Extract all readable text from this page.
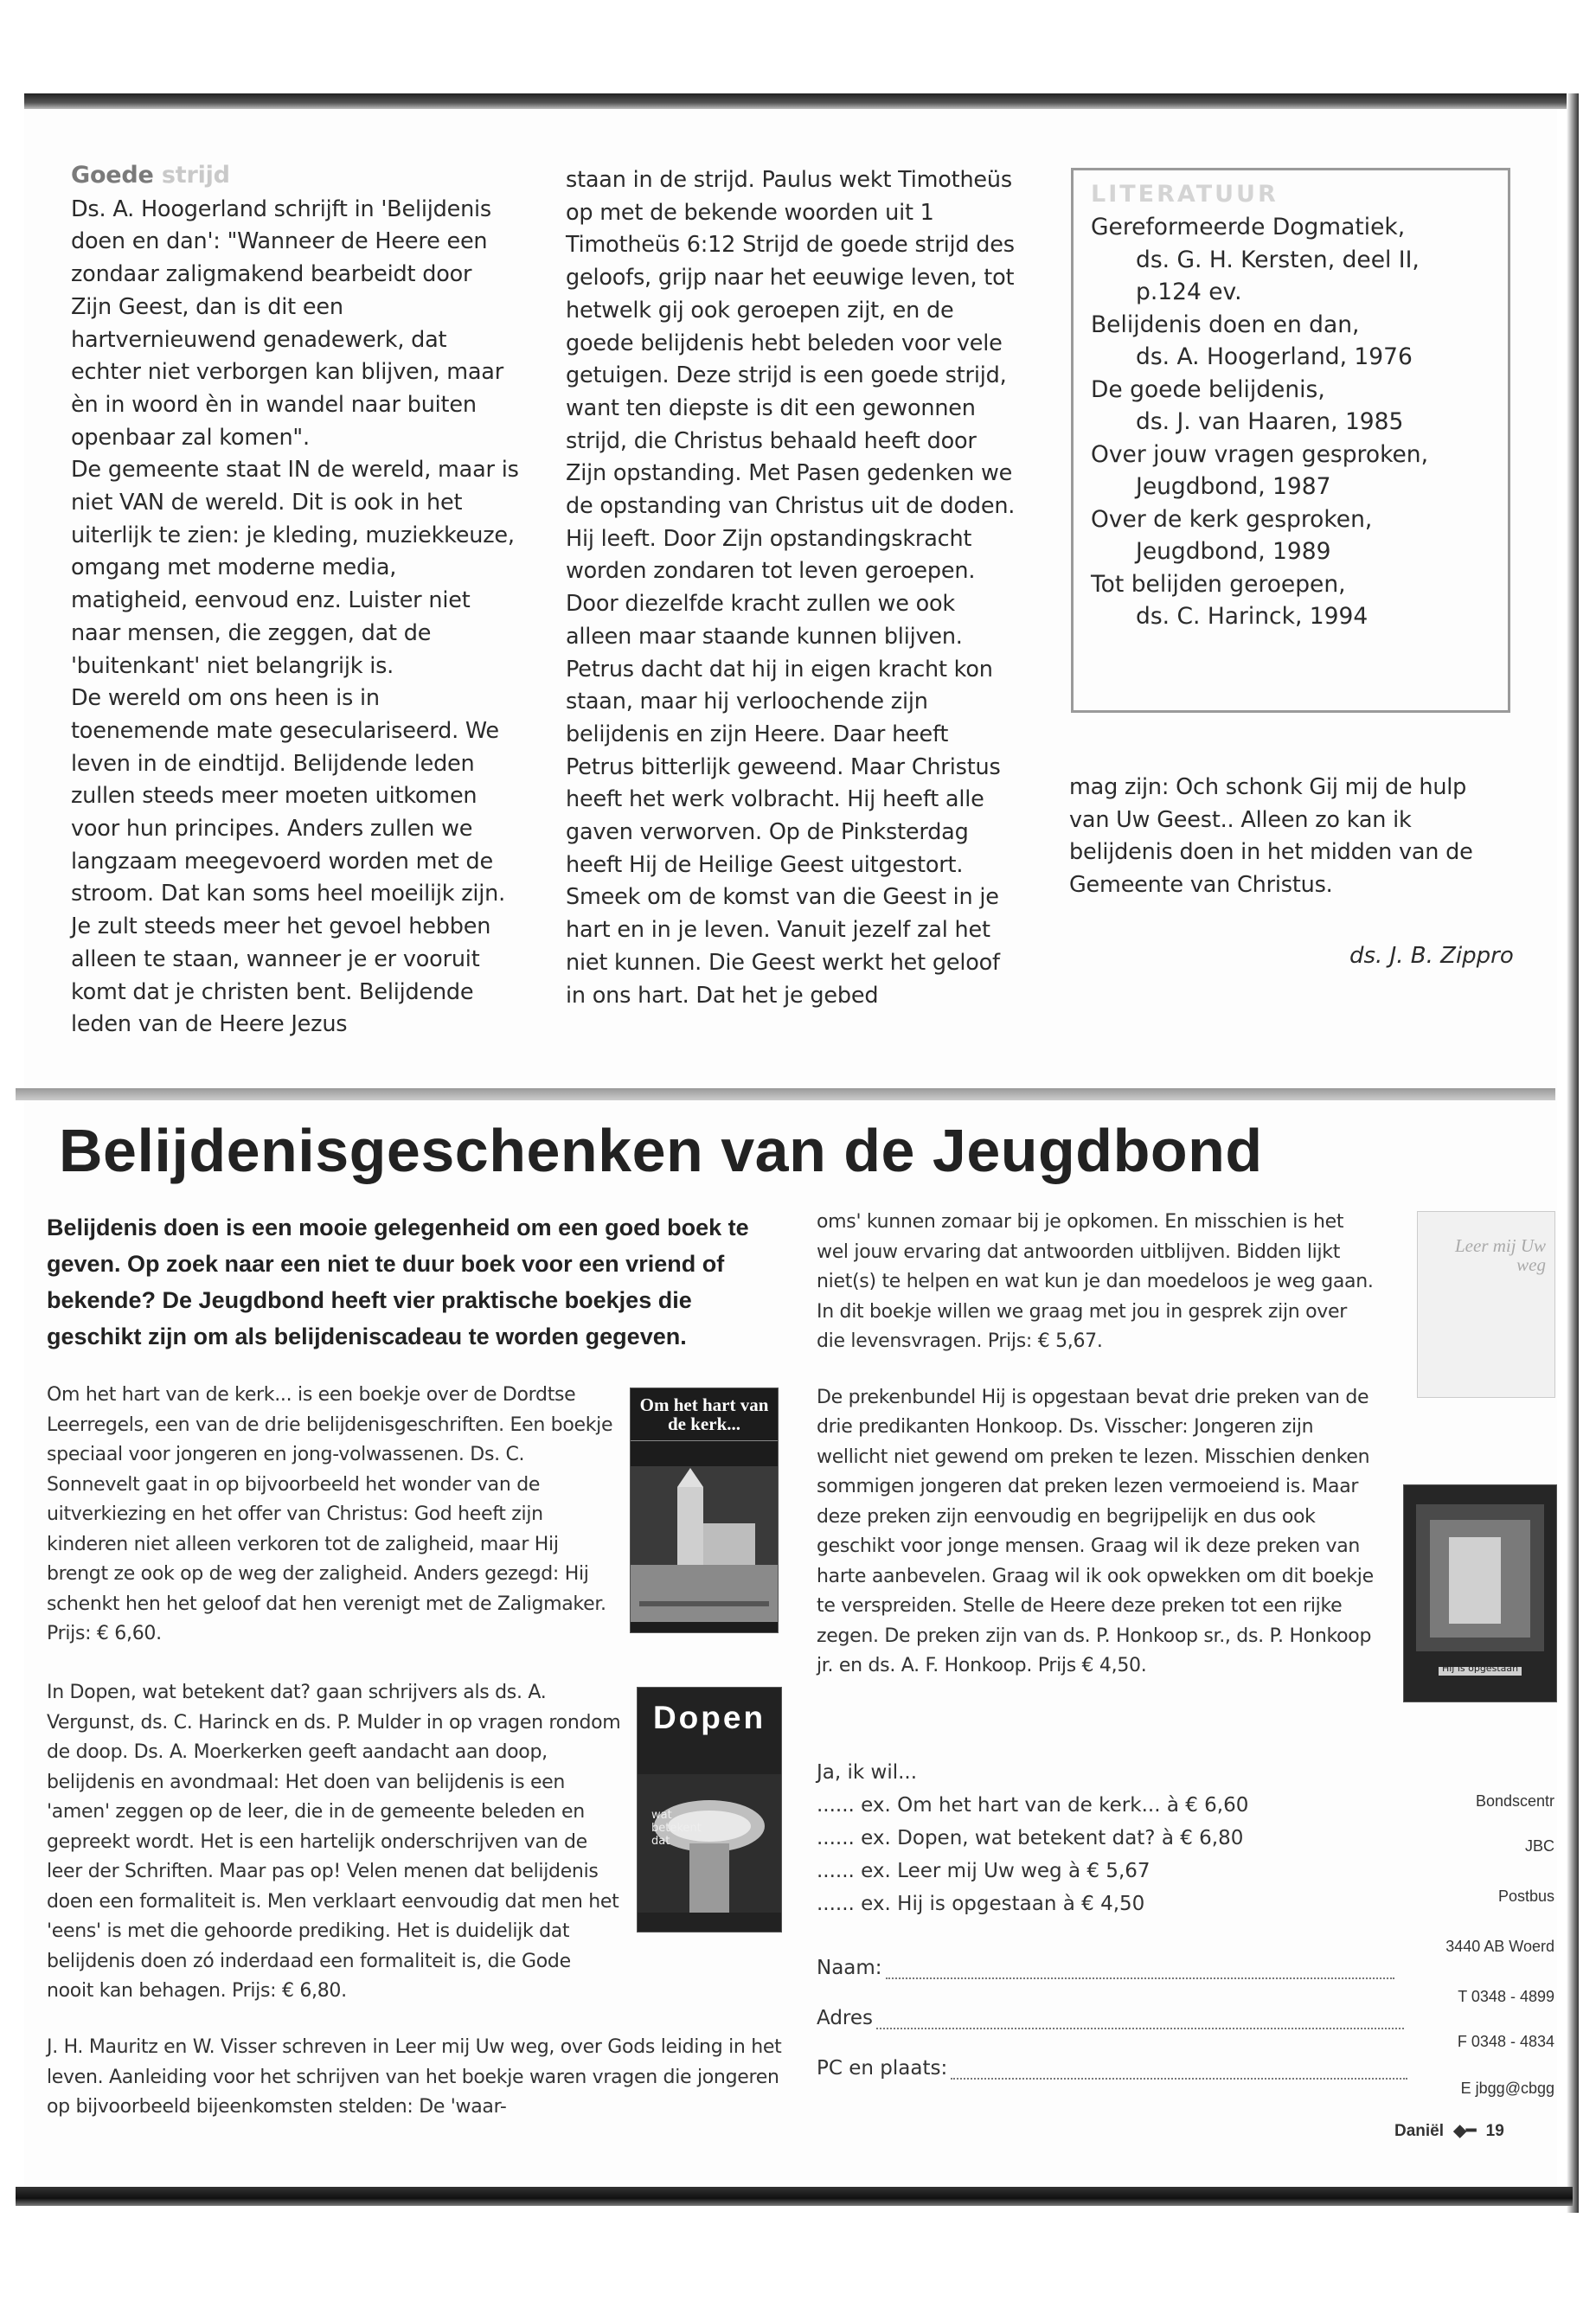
Goede strijd

Ds. A. Hoogerland schrijft in 'Belijdenis doen en dan': "Wanneer de Heere een zondaar zaligmakend bearbeidt door Zijn Geest, dan is dit een hartvernieuwend genadewerk, dat echter niet verborgen kan blijven, maar èn in woord èn in wandel naar buiten openbaar zal komen".

De gemeente staat IN de wereld, maar is niet VAN de wereld. Dit is ook in het uiterlijk te zien: je kleding, muziekkeuze, omgang met moderne media, matigheid, eenvoud enz. Luister niet naar mensen, die zeggen, dat de 'buitenkant' niet belangrijk is.

De wereld om ons heen is in toenemende mate geseculariseerd. We leven in de eindtijd. Belijdende leden zullen steeds meer moeten uitkomen voor hun principes. Anders zullen we langzaam meegevoerd worden met de stroom. Dat kan soms heel moeilijk zijn. Je zult steeds meer het gevoel hebben alleen te staan, wanneer je er vooruit komt dat je christen bent. Belijdende leden van de Heere Jezus

staan in de strijd. Paulus wekt Timotheüs op met de bekende woorden uit 1 Timotheüs 6:12 Strijd de goede strijd des geloofs, grijp naar het eeuwige leven, tot hetwelk gij ook geroepen zijt, en de goede belijdenis hebt beleden voor vele getuigen. Deze strijd is een goede strijd, want ten diepste is dit een gewonnen strijd, die Christus behaald heeft door Zijn opstanding. Met Pasen gedenken we de opstanding van Christus uit de doden. Hij leeft. Door Zijn opstandingskracht worden zondaren tot leven geroepen. Door diezelfde kracht zullen we ook alleen maar staande kunnen blijven. Petrus dacht dat hij in eigen kracht kon staan, maar hij verloochende zijn belijdenis en zijn Heere. Daar heeft Petrus bitterlijk geweend. Maar Christus heeft het werk volbracht. Hij heeft alle gaven verworven. Op de Pinksterdag heeft Hij de Heilige Geest uitgestort. Smeek om de komst van die Geest in je hart en in je leven. Vanuit jezelf zal het niet kunnen. Die Geest werkt het geloof in ons hart. Dat het je gebed

LITERATUUR
Gereformeerde Dogmatiek,
ds. G. H. Kersten, deel II,
p.124 ev.
Belijdenis doen en dan,
ds. A. Hoogerland, 1976
De goede belijdenis,
ds. J. van Haaren, 1985
Over jouw vragen gesproken,
Jeugdbond, 1987
Over de kerk gesproken,
Jeugdbond, 1989
Tot belijden geroepen,
ds. C. Harinck, 1994

mag zijn: Och schonk Gij mij de hulp van Uw Geest.. Alleen zo kan ik belijdenis doen in het midden van de Gemeente van Christus.

ds. J. B. Zippro
Belijdenisgeschenken van de Jeugdbond
Belijdenis doen is een mooie gelegenheid om een goed boek te geven. Op zoek naar een niet te duur boek voor een vriend of bekende? De Jeugdbond heeft vier praktische boekjes die geschikt zijn om als belijdeniscadeau te worden gegeven.

Om het hart van de kerk... is een boekje over de Dordtse Leerregels, een van de drie belijdenisgeschriften. Een boekje speciaal voor jongeren en jong-volwassenen. Ds. C. Sonnevelt gaat in op bijvoorbeeld het wonder van de uitverkiezing en het offer van Christus: God heeft zijn kinderen niet alleen verkoren tot de zaligheid, maar Hij brengt ze ook op de weg der zaligheid. Anders gezegd: Hij schenkt hen het geloof dat hen verenigt met de Zaligmaker. Prijs: € 6,60.

In Dopen, wat betekent dat? gaan schrijvers als ds. A. Vergunst, ds. C. Harinck en ds. P. Mulder in op vragen rondom de doop. Ds. A. Moerkerken geeft aandacht aan doop, belijdenis en avondmaal: Het doen van belijdenis is een 'amen' zeggen op de leer, die in de gemeente beleden en gepreekt wordt. Het is een hartelijk onderschrijven van de leer der Schriften. Maar pas op! Velen menen dat belijdenis doen een formaliteit is. Men verklaart eenvoudig dat men het 'eens' is met die gehoorde prediking. Het is duidelijk dat belijdenis doen zó inderdaad een formaliteit is, die Gode nooit kan behagen. Prijs: € 6,80.

J. H. Mauritz en W. Visser schreven in Leer mij Uw weg, over Gods leiding in het leven. Aanleiding voor het schrijven van het boekje waren vragen die jongeren op bijvoorbeeld bijeenkomsten stelden: De 'waar-

oms' kunnen zomaar bij je opkomen. En misschien is het wel jouw ervaring dat antwoorden uitblijven. Bidden lijkt niet(s) te helpen en wat kun je dan moedeloos je weg gaan. In dit boekje willen we graag met jou in gesprek zijn over die levensvragen. Prijs: € 5,67.

De prekenbundel Hij is opgestaan bevat drie preken van de drie predikanten Honkoop. Ds. Visscher: Jongeren zijn wellicht niet gewend om preken te lezen. Misschien denken sommigen jongeren dat preken lezen vermoeiend is. Maar deze preken zijn eenvoudig en begrijpelijk en dus ook geschikt voor jonge mensen. Graag wil ik deze preken van harte aanbevelen. Graag wil ik ook opwekken om dit boekje te verspreiden. Stelle de Heere deze preken tot een rijke zegen. De preken zijn van ds. P. Honkoop sr., ds. P. Honkoop jr. en ds. A. F. Honkoop. Prijs € 4,50.

Om het hart van de kerk...
Dopen
wat betekent dat
Leer mij Uw weg
Hij is opgestaan
Ja, ik wil...
...... ex. Om het hart van de kerk... à € 6,60
...... ex. Dopen, wat betekent dat? à € 6,80
...... ex. Leer mij Uw weg à € 5,67
...... ex. Hij is opgestaan à € 4,50
Naam:
Adres
PC en plaats:
Bondscentr
JBC
Postbus
3440 AB Woerd
T 0348 - 4899
F 0348 - 4834
E jbgg@cbgg
Daniël ◆━ 19
